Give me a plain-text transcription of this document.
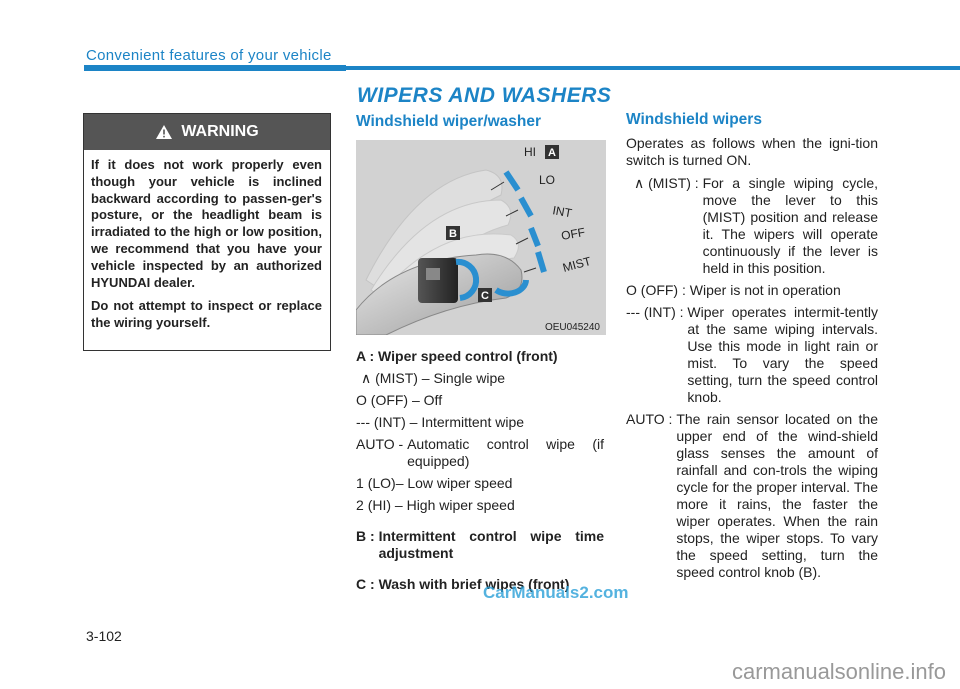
Convenient features of your vehicle
WIPERS AND WASHERS
WARNING

If it does not work properly even though your vehicle is inclined backward according to passen-ger's posture, or the headlight beam is irradiated to the high or low position, we recommend that you have your vehicle inspected by an authorized HYUNDAI dealer.

Do not attempt to inspect or replace the wiring yourself.

Windshield wiper/washer
HI
LO
INT
OFF
MIST
A
B
C
OEU045240
A :
Wiper speed control (front)
∧
(MIST) – Single wipe
O
(OFF) – Off
---
(INT) – Intermittent wipe
AUTO -
Automatic control wipe (if equipped)
1
(LO)– Low wiper speed
2
(HI) – High wiper speed
B :
Intermittent control wipe time adjustment
C :
Wash with brief wipes (front)
Windshield wipers
Operates as follows when the igni-tion switch is turned ON.
∧ (MIST) :
For a single wiping cycle, move the lever to this (MIST) position and release it. The wipers will operate continuously if the lever is held in this position.
O (OFF) :
Wiper is not in operation
--- (INT) :
Wiper operates intermit-tently at the same wiping intervals. Use this mode in light rain or mist. To vary the speed setting, turn the speed control knob.
AUTO :
The rain sensor located on the upper end of the wind-shield glass senses the amount of rainfall and con-trols the wiping cycle for the proper interval. The more it rains, the faster the wiper operates. When the rain stops, the wiper stops. To vary the speed setting, turn the speed control knob (B).
3-102
CarManuals2.com
carmanualsonline.info
